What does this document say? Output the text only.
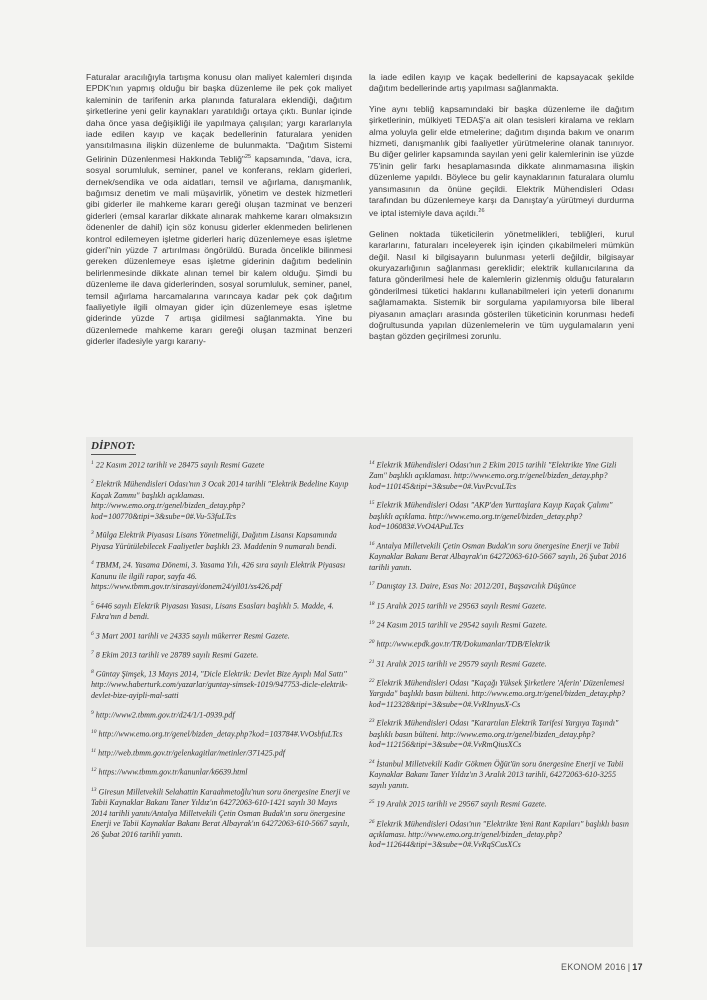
Faturalar aracılığıyla tartışma konusu olan maliyet kalemleri dışında EPDK'nın yapmış olduğu bir başka düzenleme ile pek çok maliyet kaleminin de tarifenin arka planında faturalara eklendiği, dağıtım şirketlerine yeni gelir kaynakları yaratıldığı ortaya çıktı. Bunlar içinde daha önce yasa değişikliği ile yapılmaya çalışılan; yargı kararlarıyla iade edilen kayıp ve kaçak bedellerinin faturalara yeniden yansıtılmasına ilişkin düzenleme de bulunmakta. "Dağıtım Sistemi Gelirinin Düzenlenmesi Hakkında Tebliğ"$^{25}$ kapsamında, "dava, icra, sosyal sorumluluk, seminer, panel ve konferans, reklam giderleri, dernek/sendika ve oda aidatları, temsil ve ağırlama, danışmanlık, bağımsız denetim ve mali müşavirlik, yönetim ve destek hizmetleri gibi giderler ile mahkeme kararı gereği oluşan tazminat ve benzeri giderleri (emsal kararlar dikkate alınarak mahkeme kararı olmaksızın ödenenler de dahil) için söz konusu giderler eklenmeden belirlenen kontrol edilemeyen işletme giderleri hariç düzenlemeye esas işletme gideri"nin yüzde 7 artırılması öngörüldü. Burada öncelikle bilinmesi gereken düzenlemeye esas işletme giderinin dağıtım bedelinin belirlenmesinde dikkate alınan temel bir kalem olduğu. Şimdi bu düzenleme ile dava giderlerinden, sosyal sorumluluk, seminer, panel, temsil ağırlama harcamalarına varıncaya kadar pek çok dağıtım faaliyetiyle ilgili olmayan gider için düzenlemeye esas işletme giderinde yüzde 7 artışa gidilmesi sağlanmakta. Yine bu düzenlemede mahkeme kararı gereği oluşan tazminat benzeri giderler ifadesiyle yargı kararıy-

la iade edilen kayıp ve kaçak bedellerini de kapsayacak şekilde dağıtım bedellerinde artış yapılması sağlanmakta.

Yine aynı tebliğ kapsamındaki bir başka düzenleme ile dağıtım şirketlerinin, mülkiyeti TEDAŞ'a ait olan tesisleri kiralama ve reklam alma yoluyla gelir elde etmelerine; dağıtım dışında bakım ve onarım hizmeti, danışmanlık gibi faaliyetler yürütmelerine olanak tanınıyor. Bu diğer gelirler kapsamında sayılan yeni gelir kalemlerinin ise yüzde 75'inin gelir farkı hesaplamasında dikkate alınmamasına ilişkin düzenleme yapıldı. Böylece bu gelir kaynaklarının faturalara olumlu yansımasının da önüne geçildi. Elektrik Mühendisleri Odası tarafından bu düzenlemeye karşı da Danıştay'a yürütmeyi durdurma ve iptal istemiyle dava açıldı.$^{26}$

Gelinen noktada tüketicilerin yönetmelikleri, tebliğleri, kurul kararlarını, faturaları inceleyerek işin içinden çıkabilmeleri mümkün değil. Nasıl ki bilgisayarın bulunması yeterli değildir, bilgisayar okuryazarlığının sağlanması gereklidir; elektrik kullanıcılarına da fatura gönderilmesi hele de kalemlerin gizlenmiş olduğu faturaların gönderilmesi tüketici haklarını kullanabilmeleri için yeterli donanımı sağlamamakta. Sistemik bir sorgulama yapılamıyorsa bile liberal piyasanın amaçları arasında gösterilen tüketicinin korunması hedefi doğrultusunda yapılan düzenlemelerin ve tüm uygulamaların yeni baştan gözden geçirilmesi zorunlu.

DİPNOT:
$^1$ 22 Kasım 2012 tarihli ve 28475 sayılı Resmi Gazete
$^2$ Elektrik Mühendisleri Odası'nın 3 Ocak 2014 tarihli "Elektrik Bedeline Kayıp Kaçak Zammı" başlıklı açıklaması. http://www.emo.org.tr/genel/bizden_detay.php?kod=100770&tipi=3&sube=0#.Vu-53fuLTcs
$^3$ Mülga Elektrik Piyasası Lisans Yönetmeliği, Dağıtım Lisansı Kapsamında Piyasa Yürütülebilecek Faaliyetler başlıklı 23. Maddenin 9 numaralı bendi.
$^4$ TBMM, 24. Yasama Dönemi, 3. Yasama Yılı, 426 sıra sayılı Elektrik Piyasası Kanunu ile ilgili rapor, sayfa 46. https://www.tbmm.gov.tr/sirasayi/donem24/yil01/ss426.pdf
$^5$ 6446 sayılı Elektrik Piyasası Yasası, Lisans Esasları başlıklı 5. Madde, 4. Fıkra'nın d bendi.
$^6$ 3 Mart 2001 tarihli ve 24335 sayılı mükerrer Resmi Gazete.
$^7$ 8 Ekim 2013 tarihli ve 28789 sayılı Resmi Gazete.
$^8$ Güntay Şimşek, 13 Mayıs 2014, "Dicle Elektrik: Devlet Bize Ayıplı Mal Sattı" http://www.haberturk.com/yazarlar/guntay-simsek-1019/947753-dicle-elektrik-devlet-bize-ayipli-mal-satti
$^9$ http://www2.tbmm.gov.tr/d24/1/1-0939.pdf
$^{10}$ http://www.emo.org.tr/genel/bizden_detay.php?kod=103784#.VvOsbfuLTcs
$^{11}$ http://web.tbmm.gov.tr/gelenkagitlar/metinler/371425.pdf
$^{12}$ https://www.tbmm.gov.tr/kanunlar/k6639.html
$^{13}$ Giresun Milletvekili Selahattin Karaahmetoğlu'nun soru önergesine Enerji ve Tabii Kaynaklar Bakanı Taner Yıldız'ın 64272063-610-1421 sayılı 30 Mayıs 2014 tarihli yanıtı/Antalya Milletvekili Çetin Osman Budak'ın soru önergesine Enerji ve Tabii Kaynaklar Bakanı Berat Albayrak'ın 64272063-610-5667 sayılı, 26 Şubat 2016 tarihli yanıtı.
$^{14}$ Elektrik Mühendisleri Odası'nın 2 Ekim 2015 tarihli "Elektrikte Yine Gizli Zam" başlıklı açıklaması. http://www.emo.org.tr/genel/bizden_detay.php?kod=110145&tipi=3&sube=0#.VuvPcvuLTcs
$^{15}$ Elektrik Mühendisleri Odası "AKP'den Yurttaşlara Kayıp Kaçak Çalımı" başlıklı açıklama. http://www.emo.org.tr/genel/bizden_detay.php?kod=106083#.VvO4APuLTcs
$^{16}$ Antalya Milletvekili Çetin Osman Budak'ın soru önergesine Enerji ve Tabii Kaynaklar Bakanı Berat Albayrak'ın 64272063-610-5667 sayılı, 26 Şubat 2016 tarihli yanıtı.
$^{17}$ Danıştay 13. Daire, Esas No: 2012/201, Başsavcılık Düşünce
$^{18}$ 15 Aralık 2015 tarihli ve 29563 sayılı Resmi Gazete.
$^{19}$ 24 Kasım 2015 tarihli ve 29542 sayılı Resmi Gazete.
$^{20}$ http://www.epdk.gov.tr/TR/Dokumanlar/TDB/Elektrik
$^{21}$ 31 Aralık 2015 tarihli ve 29579 sayılı Resmi Gazete.
$^{22}$ Elektrik Mühendisleri Odası "Kaçağı Yüksek Şirketlere 'Aferin' Düzenlemesi Yargıda" başlıklı basın bülteni. http://www.emo.org.tr/genel/bizden_detay.php?kod=112328&tipi=3&sube=0#.VvRInyusX-Cs
$^{23}$ Elektrik Mühendisleri Odası "Karartılan Elektrik Tarifesi Yargıya Taşındı" başlıklı basın bülteni. http://www.emo.org.tr/genel/bizden_detay.php?kod=112156&tipi=3&sube=0#.VvRmQiusXCs
$^{24}$ İstanbul Milletvekili Kadir Gökmen Öğüt'ün soru önergesine Enerji ve Tabii Kaynaklar Bakanı Taner Yıldız'ın 3 Aralık 2013 tarihli, 64272063-610-3255 sayılı yanıtı.
$^{25}$ 19 Aralık 2015 tarihli ve 29567 sayılı Resmi Gazete.
$^{26}$ Elektrik Mühendisleri Odası'nın "Elektrikte Yeni Rant Kapıları" başlıklı basın açıklaması. http://www.emo.org.tr/genel/bizden_detay.php?kod=112644&tipi=3&sube=0#.VvRqSCusXCs
EKONOM 2016 | 17
